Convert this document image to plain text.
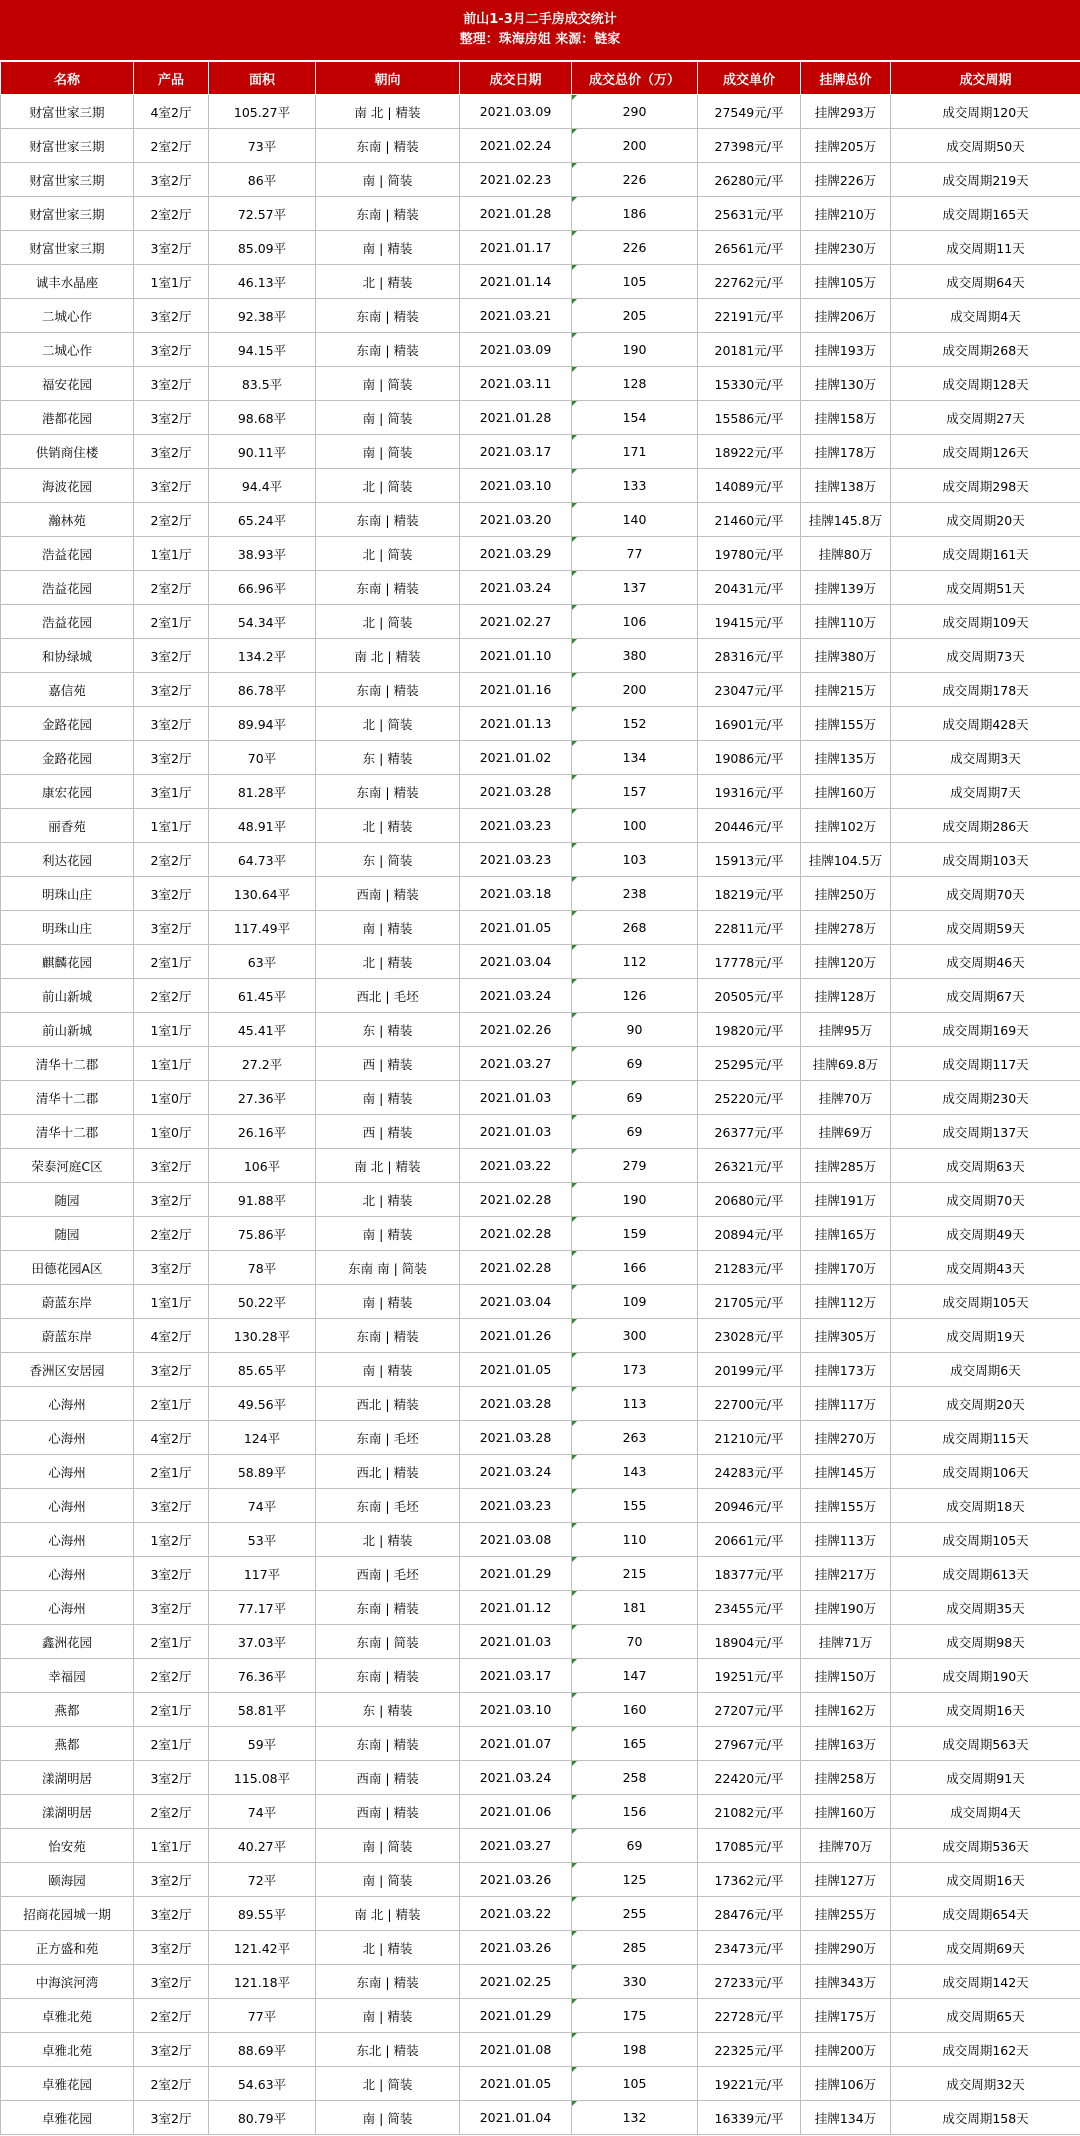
前山1-3月二手房成交统计
整理：珠海房姐 来源：链家
名称	产品	面积	朝向	成交日期	成交总价（万）	成交单价	挂牌总价	成交周期
财富世家三期	4室2厅	105.27平	南 北 | 精装	2021.03.09	290	27549元/平	挂牌293万	成交周期120天
财富世家三期	2室2厅	73平	东南 | 精装	2021.02.24	200	27398元/平	挂牌205万	成交周期50天
财富世家三期	3室2厅	86平	南 | 简装	2021.02.23	226	26280元/平	挂牌226万	成交周期219天
财富世家三期	2室2厅	72.57平	东南 | 精装	2021.01.28	186	25631元/平	挂牌210万	成交周期165天
财富世家三期	3室2厅	85.09平	南 | 精装	2021.01.17	226	26561元/平	挂牌230万	成交周期11天
诚丰水晶座	1室1厅	46.13平	北 | 精装	2021.01.14	105	22762元/平	挂牌105万	成交周期64天
二城心作	3室2厅	92.38平	东南 | 精装	2021.03.21	205	22191元/平	挂牌206万	成交周期4天
二城心作	3室2厅	94.15平	东南 | 精装	2021.03.09	190	20181元/平	挂牌193万	成交周期268天
福安花园	3室2厅	83.5平	南 | 简装	2021.03.11	128	15330元/平	挂牌130万	成交周期128天
港都花园	3室2厅	98.68平	南 | 简装	2021.01.28	154	15586元/平	挂牌158万	成交周期27天
供销商住楼	3室2厅	90.11平	南 | 简装	2021.03.17	171	18922元/平	挂牌178万	成交周期126天
海波花园	3室2厅	94.4平	北 | 简装	2021.03.10	133	14089元/平	挂牌138万	成交周期298天
瀚林苑	2室2厅	65.24平	东南 | 精装	2021.03.20	140	21460元/平	挂牌145.8万	成交周期20天
浩益花园	1室1厅	38.93平	北 | 简装	2021.03.29	77	19780元/平	挂牌80万	成交周期161天
浩益花园	2室2厅	66.96平	东南 | 精装	2021.03.24	137	20431元/平	挂牌139万	成交周期51天
浩益花园	2室1厅	54.34平	北 | 简装	2021.02.27	106	19415元/平	挂牌110万	成交周期109天
和协绿城	3室2厅	134.2平	南 北 | 精装	2021.01.10	380	28316元/平	挂牌380万	成交周期73天
嘉信苑	3室2厅	86.78平	东南 | 精装	2021.01.16	200	23047元/平	挂牌215万	成交周期178天
金路花园	3室2厅	89.94平	北 | 简装	2021.01.13	152	16901元/平	挂牌155万	成交周期428天
金路花园	3室2厅	70平	东 | 精装	2021.01.02	134	19086元/平	挂牌135万	成交周期3天
康宏花园	3室1厅	81.28平	东南 | 精装	2021.03.28	157	19316元/平	挂牌160万	成交周期7天
丽香苑	1室1厅	48.91平	北 | 精装	2021.03.23	100	20446元/平	挂牌102万	成交周期286天
利达花园	2室2厅	64.73平	东 | 简装	2021.03.23	103	15913元/平	挂牌104.5万	成交周期103天
明珠山庄	3室2厅	130.64平	西南 | 精装	2021.03.18	238	18219元/平	挂牌250万	成交周期70天
明珠山庄	3室2厅	117.49平	南 | 精装	2021.01.05	268	22811元/平	挂牌278万	成交周期59天
麒麟花园	2室1厅	63平	北 | 精装	2021.03.04	112	17778元/平	挂牌120万	成交周期46天
前山新城	2室2厅	61.45平	西北 | 毛坯	2021.03.24	126	20505元/平	挂牌128万	成交周期67天
前山新城	1室1厅	45.41平	东 | 精装	2021.02.26	90	19820元/平	挂牌95万	成交周期169天
清华十二郡	1室1厅	27.2平	西 | 精装	2021.03.27	69	25295元/平	挂牌69.8万	成交周期117天
清华十二郡	1室0厅	27.36平	南 | 精装	2021.01.03	69	25220元/平	挂牌70万	成交周期230天
清华十二郡	1室0厅	26.16平	西 | 精装	2021.01.03	69	26377元/平	挂牌69万	成交周期137天
荣泰河庭C区	3室2厅	106平	南 北 | 精装	2021.03.22	279	26321元/平	挂牌285万	成交周期63天
随园	3室2厅	91.88平	北 | 精装	2021.02.28	190	20680元/平	挂牌191万	成交周期70天
随园	2室2厅	75.86平	南 | 精装	2021.02.28	159	20894元/平	挂牌165万	成交周期49天
田德花园A区	3室2厅	78平	东南 南 | 简装	2021.02.28	166	21283元/平	挂牌170万	成交周期43天
蔚蓝东岸	1室1厅	50.22平	南 | 精装	2021.03.04	109	21705元/平	挂牌112万	成交周期105天
蔚蓝东岸	4室2厅	130.28平	东南 | 精装	2021.01.26	300	23028元/平	挂牌305万	成交周期19天
香洲区安居园	3室2厅	85.65平	南 | 精装	2021.01.05	173	20199元/平	挂牌173万	成交周期6天
心海州	2室1厅	49.56平	西北 | 精装	2021.03.28	113	22700元/平	挂牌117万	成交周期20天
心海州	4室2厅	124平	东南 | 毛坯	2021.03.28	263	21210元/平	挂牌270万	成交周期115天
心海州	2室1厅	58.89平	西北 | 精装	2021.03.24	143	24283元/平	挂牌145万	成交周期106天
心海州	3室2厅	74平	东南 | 毛坯	2021.03.23	155	20946元/平	挂牌155万	成交周期18天
心海州	1室2厅	53平	北 | 精装	2021.03.08	110	20661元/平	挂牌113万	成交周期105天
心海州	3室2厅	117平	西南 | 毛坯	2021.01.29	215	18377元/平	挂牌217万	成交周期613天
心海州	3室2厅	77.17平	东南 | 精装	2021.01.12	181	23455元/平	挂牌190万	成交周期35天
鑫洲花园	2室1厅	37.03平	东南 | 简装	2021.01.03	70	18904元/平	挂牌71万	成交周期98天
幸福园	2室2厅	76.36平	东南 | 精装	2021.03.17	147	19251元/平	挂牌150万	成交周期190天
燕都	2室1厅	58.81平	东 | 精装	2021.03.10	160	27207元/平	挂牌162万	成交周期16天
燕都	2室1厅	59平	东南 | 精装	2021.01.07	165	27967元/平	挂牌163万	成交周期563天
漾湖明居	3室2厅	115.08平	西南 | 精装	2021.03.24	258	22420元/平	挂牌258万	成交周期91天
漾湖明居	2室2厅	74平	西南 | 精装	2021.01.06	156	21082元/平	挂牌160万	成交周期4天
怡安苑	1室1厅	40.27平	南 | 简装	2021.03.27	69	17085元/平	挂牌70万	成交周期536天
颐海园	3室2厅	72平	南 | 简装	2021.03.26	125	17362元/平	挂牌127万	成交周期16天
招商花园城一期	3室2厅	89.55平	南 北 | 精装	2021.03.22	255	28476元/平	挂牌255万	成交周期654天
正方盛和苑	3室2厅	121.42平	北 | 精装	2021.03.26	285	23473元/平	挂牌290万	成交周期69天
中海滨河湾	3室2厅	121.18平	东南 | 精装	2021.02.25	330	27233元/平	挂牌343万	成交周期142天
卓雅北苑	2室2厅	77平	南 | 精装	2021.01.29	175	22728元/平	挂牌175万	成交周期65天
卓雅北苑	3室2厅	88.69平	东北 | 精装	2021.01.08	198	22325元/平	挂牌200万	成交周期162天
卓雅花园	2室2厅	54.63平	北 | 简装	2021.01.05	105	19221元/平	挂牌106万	成交周期32天
卓雅花园	3室2厅	80.79平	南 | 简装	2021.01.04	132	16339元/平	挂牌134万	成交周期158天
